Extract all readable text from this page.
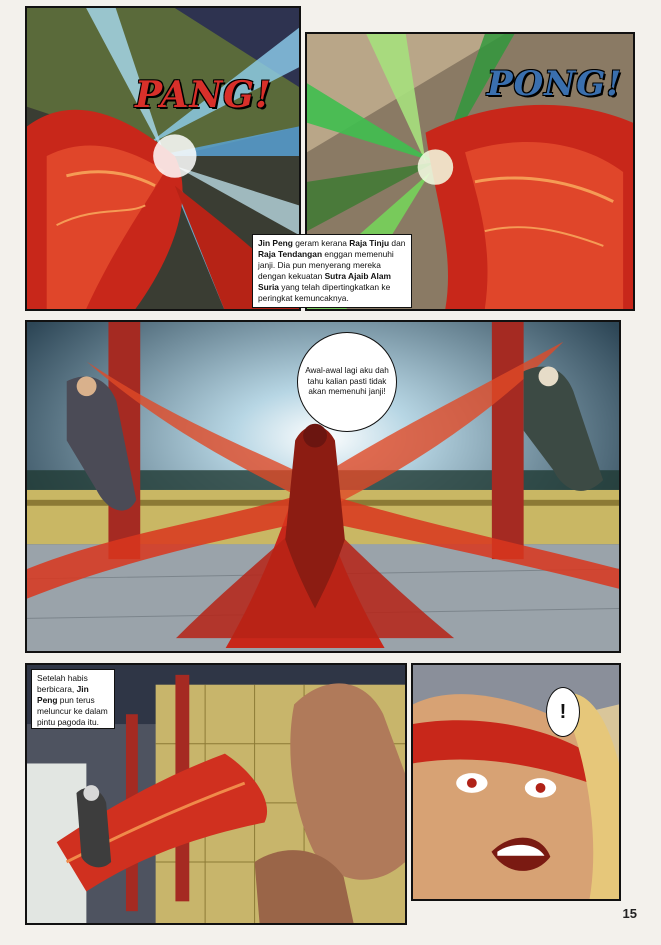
PANG!	PONG!
Jin Peng geram kerana Raja Tinju dan Raja Tendangan enggan memenuhi janji. Dia pun menyerang mereka dengan kekuatan Sutra Ajaib Alam Suria yang telah dipertingkatkan ke peringkat kemuncaknya.
Awal-awal lagi aku dah tahu kalian pasti tidak akan memenuhi janji!
Setelah habis berbicara, Jin Peng pun terus meluncur ke dalam pintu pagoda itu.	!
15
